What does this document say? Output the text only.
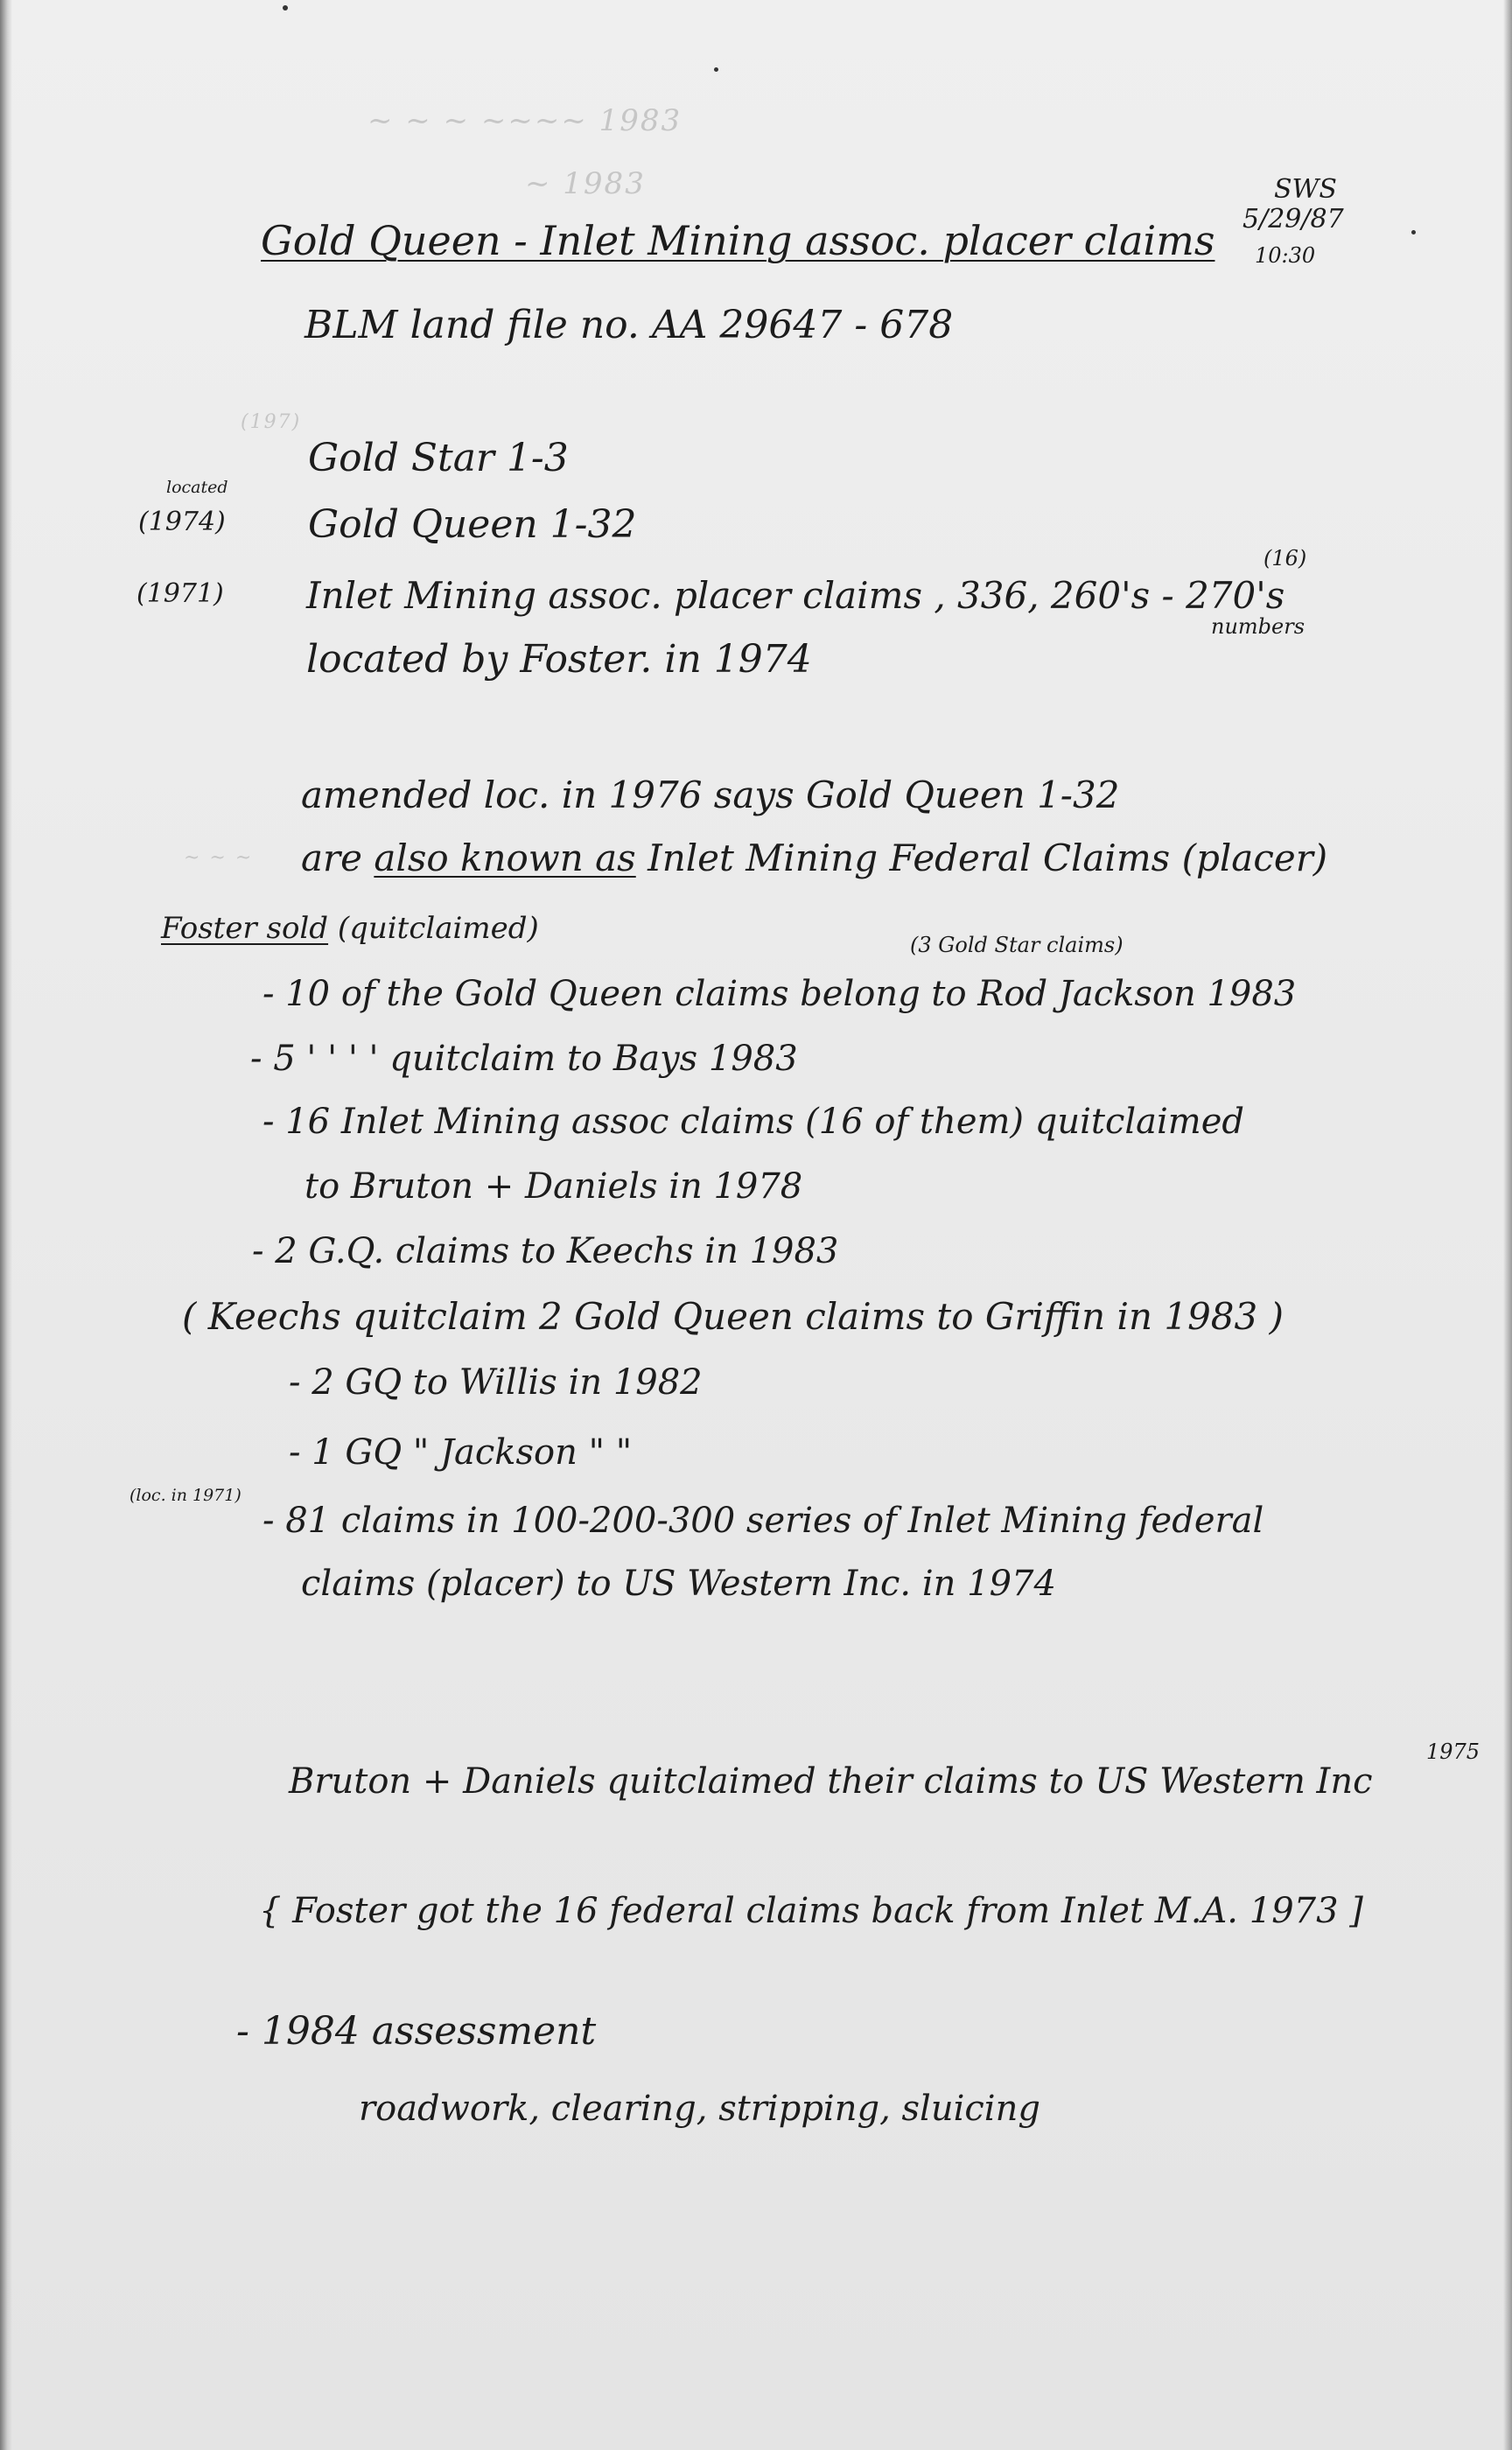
~ ~ ~ ~~~~ 1983
~ 1983
(197)
~ ~ ~
SWS
5/29/87
10:30
Gold Queen - Inlet Mining assoc. placer claims
BLM land file no. AA 29647 - 678
Gold Star 1-3
located
(1974) Gold Queen 1-32
(16)
(1971) Inlet Mining assoc. placer claims , 336, 260's - 270's
numbers
located by Foster. in 1974
amended loc. in 1976 says Gold Queen 1-32
are also known as Inlet Mining Federal Claims (placer)
Foster sold (quitclaimed)	(3 Gold Star claims)
- 10 of the Gold Queen claims belong to Rod Jackson 1983
- 5 ' ' ' ' quitclaim to Bays 1983
- 16 Inlet Mining assoc claims (16 of them) quitclaimed
to Bruton + Daniels in 1978
- 2 G.Q. claims to Keechs in 1983
( Keechs quitclaim 2 Gold Queen claims to Griffin in 1983 )
- 2 GQ to Willis in 1982
- 1 GQ " Jackson " "
(loc. in 1971)
- 81 claims in 100-200-300 series of Inlet Mining federal
claims (placer) to US Western Inc. in 1974
1975
Bruton + Daniels quitclaimed their claims to US Western Inc
{ Foster got the 16 federal claims back from Inlet M.A. 1973 ]
- 1984 assessment
roadwork, clearing, stripping, sluicing
